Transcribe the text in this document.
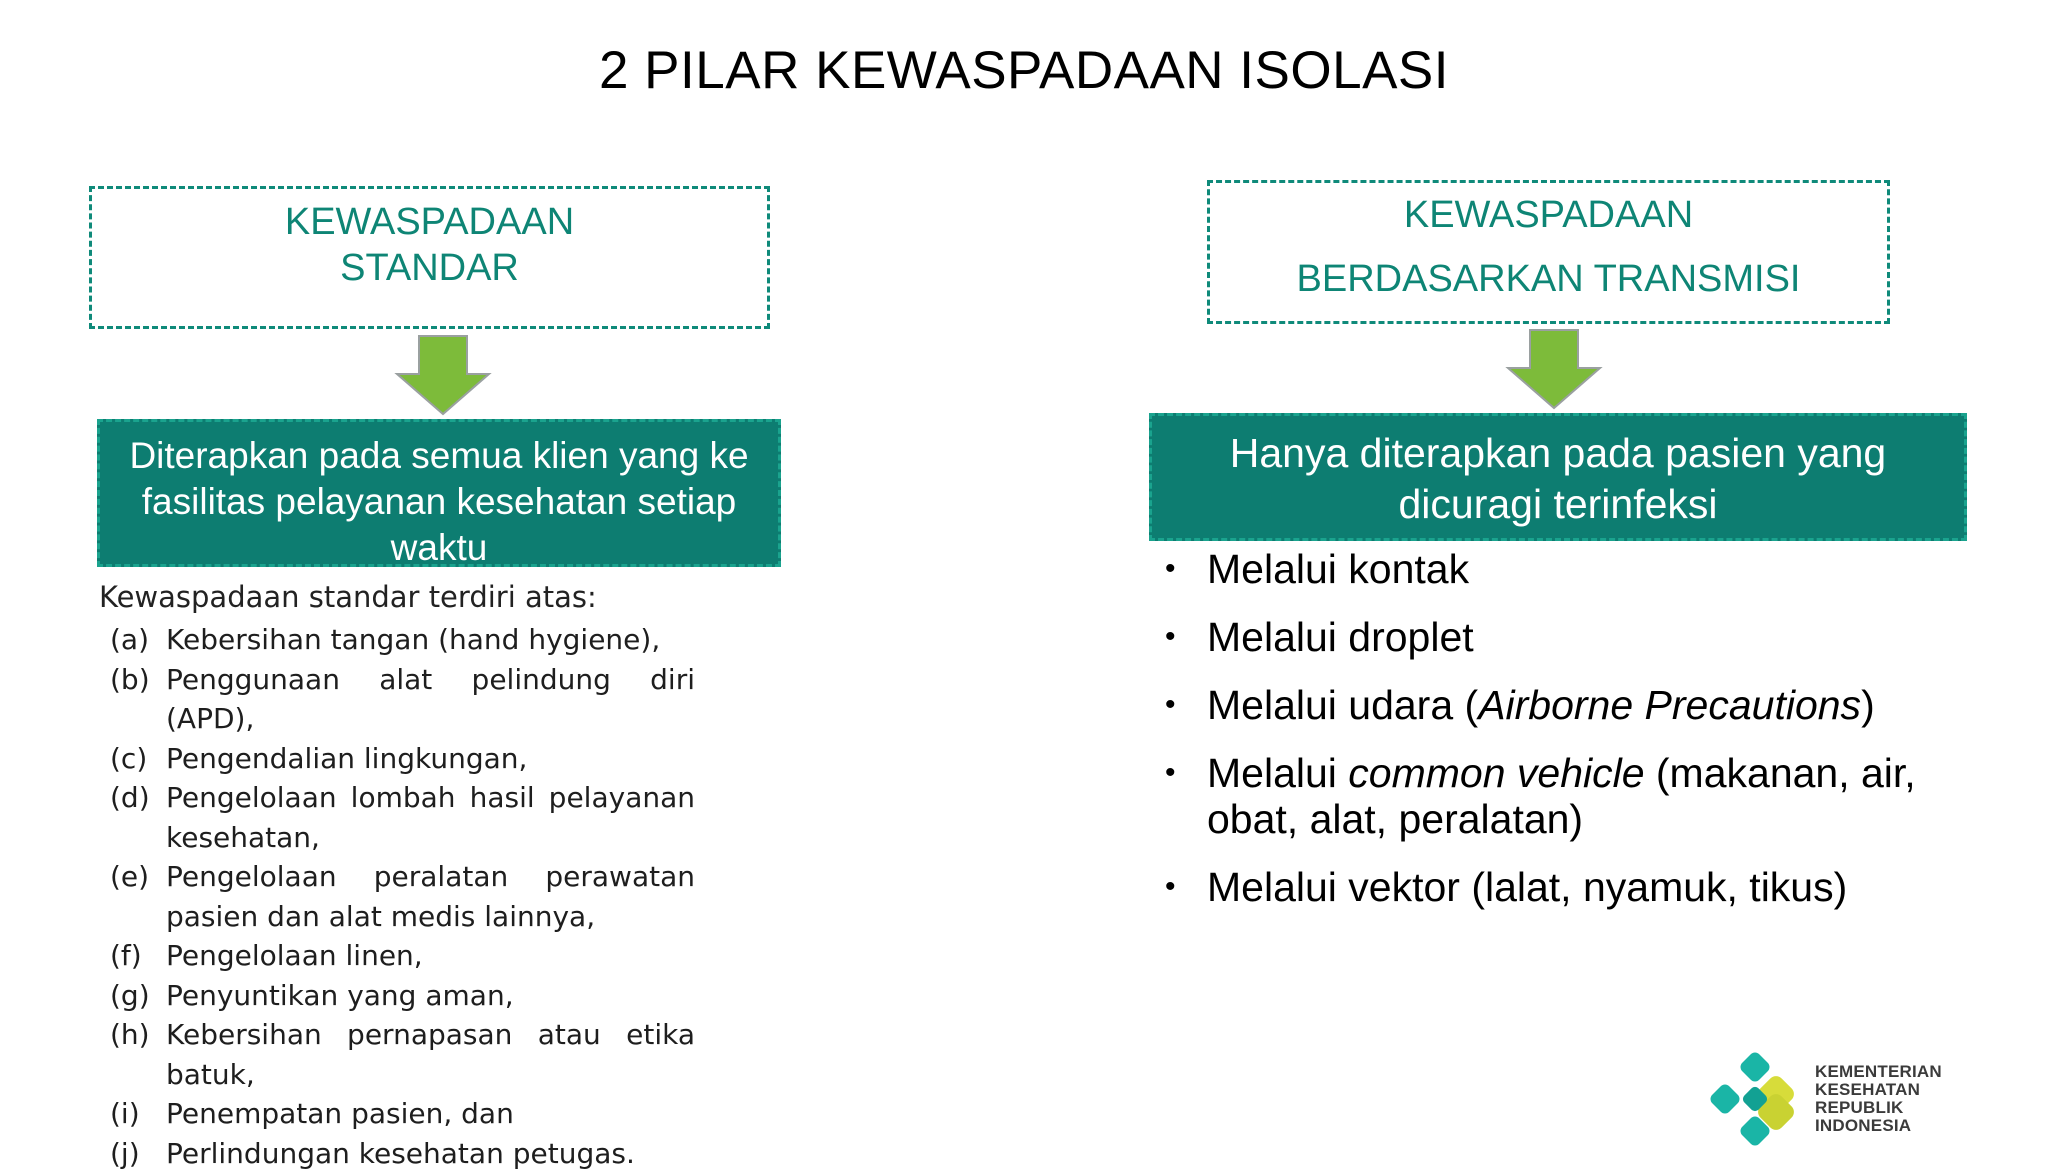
2 PILAR KEWASPADAAN ISOLASI
KEWASPADAAN
STANDAR
Diterapkan pada semua klien yang ke fasilitas pelayanan kesehatan setiap waktu
Kewaspadaan standar terdiri atas:
(a) Kebersihan tangan (hand hygiene),
(b) Penggunaan alat pelindung diri (APD),
(c) Pengendalian lingkungan,
(d) Pengelolaan lombah hasil pelayanan kesehatan,
(e) Pengelolaan peralatan perawatan pasien dan alat medis lainnya,
(f) Pengelolaan linen,
(g) Penyuntikan yang aman,
(h) Kebersihan pernapasan atau etika batuk,
(i) Penempatan pasien, dan
(j) Perlindungan kesehatan petugas.
KEWASPADAAN
BERDASARKAN TRANSMISI
Hanya diterapkan pada pasien yang
dicuragi terinfeksi
• Melalui kontak
• Melalui droplet
• Melalui udara (Airborne Precautions)
• Melalui common vehicle (makanan, air, obat, alat, peralatan)
• Melalui vektor (lalat, nyamuk, tikus)
KEMENTERIAN
KESEHATAN
REPUBLIK
INDONESIA
